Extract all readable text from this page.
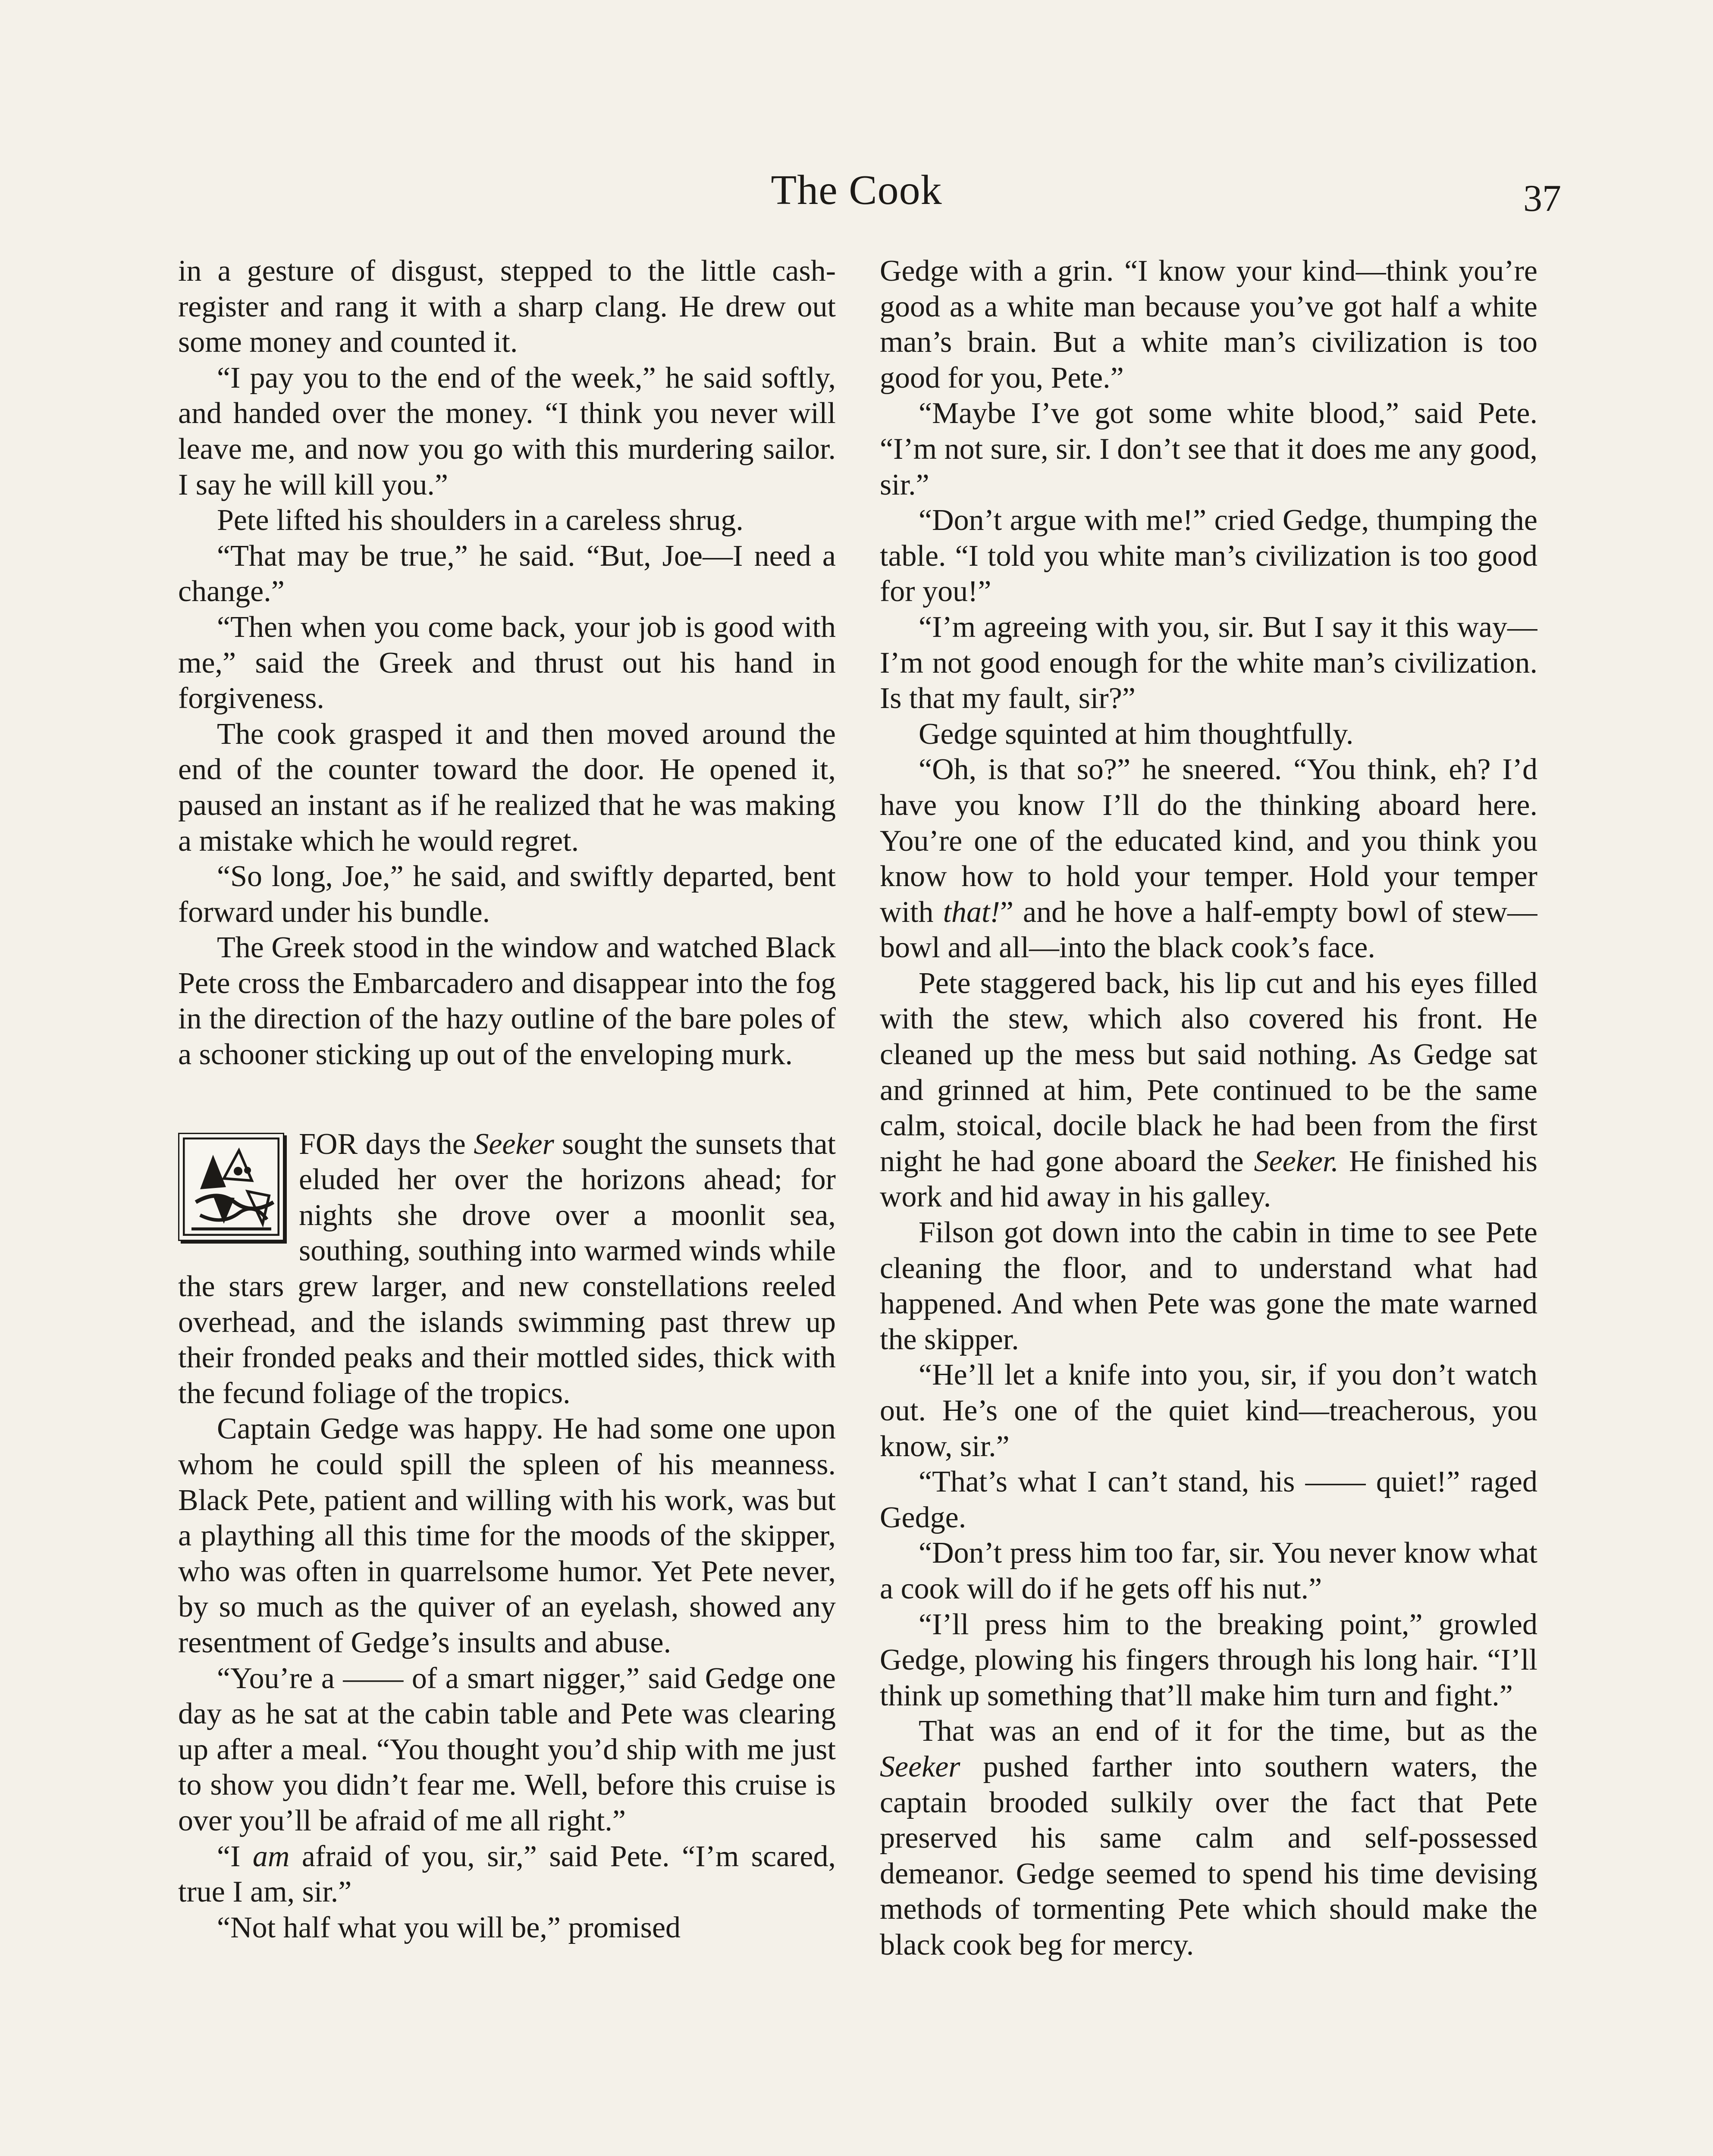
The Cook	37

in a gesture of disgust, stepped to the little cash-register and rang it with a sharp clang. He drew out some money and counted it.

“I pay you to the end of the week,” he said softly, and handed over the money. “I think you never will leave me, and now you go with this murdering sailor. I say he will kill you.”

Pete lifted his shoulders in a careless shrug.

“That may be true,” he said. “But, Joe—I need a change.”

“Then when you come back, your job is good with me,” said the Greek and thrust out his hand in forgiveness.

The cook grasped it and then moved around the end of the counter toward the door. He opened it, paused an instant as if he realized that he was making a mistake which he would regret.

“So long, Joe,” he said, and swiftly departed, bent forward under his bundle.

The Greek stood in the window and watched Black Pete cross the Embarcadero and disappear into the fog in the direction of the hazy outline of the bare poles of a schooner sticking up out of the enveloping murk.

FOR days the Seeker sought the sunsets that eluded her over the horizons ahead; for nights she drove over a moonlit sea, southing, southing into warmed winds while the stars grew larger, and new constellations reeled overhead, and the islands swimming past threw up their fronded peaks and their mottled sides, thick with the fecund foliage of the tropics.

Captain Gedge was happy. He had some one upon whom he could spill the spleen of his meanness. Black Pete, patient and willing with his work, was but a plaything all this time for the moods of the skipper, who was often in quarrelsome humor. Yet Pete never, by so much as the quiver of an eyelash, showed any resentment of Gedge’s insults and abuse.

“You’re a —— of a smart nigger,” said Gedge one day as he sat at the cabin table and Pete was clearing up after a meal. “You thought you’d ship with me just to show you didn’t fear me. Well, before this cruise is over you’ll be afraid of me all right.”

“I am afraid of you, sir,” said Pete. “I’m scared, true I am, sir.”

“Not half what you will be,” promised

Gedge with a grin. “I know your kind—think you’re good as a white man because you’ve got half a white man’s brain. But a white man’s civilization is too good for you, Pete.”

“Maybe I’ve got some white blood,” said Pete. “I’m not sure, sir. I don’t see that it does me any good, sir.”

“Don’t argue with me!” cried Gedge, thumping the table. “I told you white man’s civilization is too good for you!”

“I’m agreeing with you, sir. But I say it this way—I’m not good enough for the white man’s civilization. Is that my fault, sir?”

Gedge squinted at him thoughtfully.

“Oh, is that so?” he sneered. “You think, eh? I’d have you know I’ll do the thinking aboard here. You’re one of the educated kind, and you think you know how to hold your temper. Hold your temper with that!” and he hove a half-empty bowl of stew—bowl and all—into the black cook’s face.

Pete staggered back, his lip cut and his eyes filled with the stew, which also covered his front. He cleaned up the mess but said nothing. As Gedge sat and grinned at him, Pete continued to be the same calm, stoical, docile black he had been from the first night he had gone aboard the Seeker. He finished his work and hid away in his galley.

Filson got down into the cabin in time to see Pete cleaning the floor, and to understand what had happened. And when Pete was gone the mate warned the skipper.

“He’ll let a knife into you, sir, if you don’t watch out. He’s one of the quiet kind—treacherous, you know, sir.”

“That’s what I can’t stand, his —— quiet!” raged Gedge.

“Don’t press him too far, sir. You never know what a cook will do if he gets off his nut.”

“I’ll press him to the breaking point,” growled Gedge, plowing his fingers through his long hair. “I’ll think up something that’ll make him turn and fight.”

That was an end of it for the time, but as the Seeker pushed farther into southern waters, the captain brooded sulkily over the fact that Pete preserved his same calm and self-possessed demeanor. Gedge seemed to spend his time devising methods of tormenting Pete which should make the black cook beg for mercy.
